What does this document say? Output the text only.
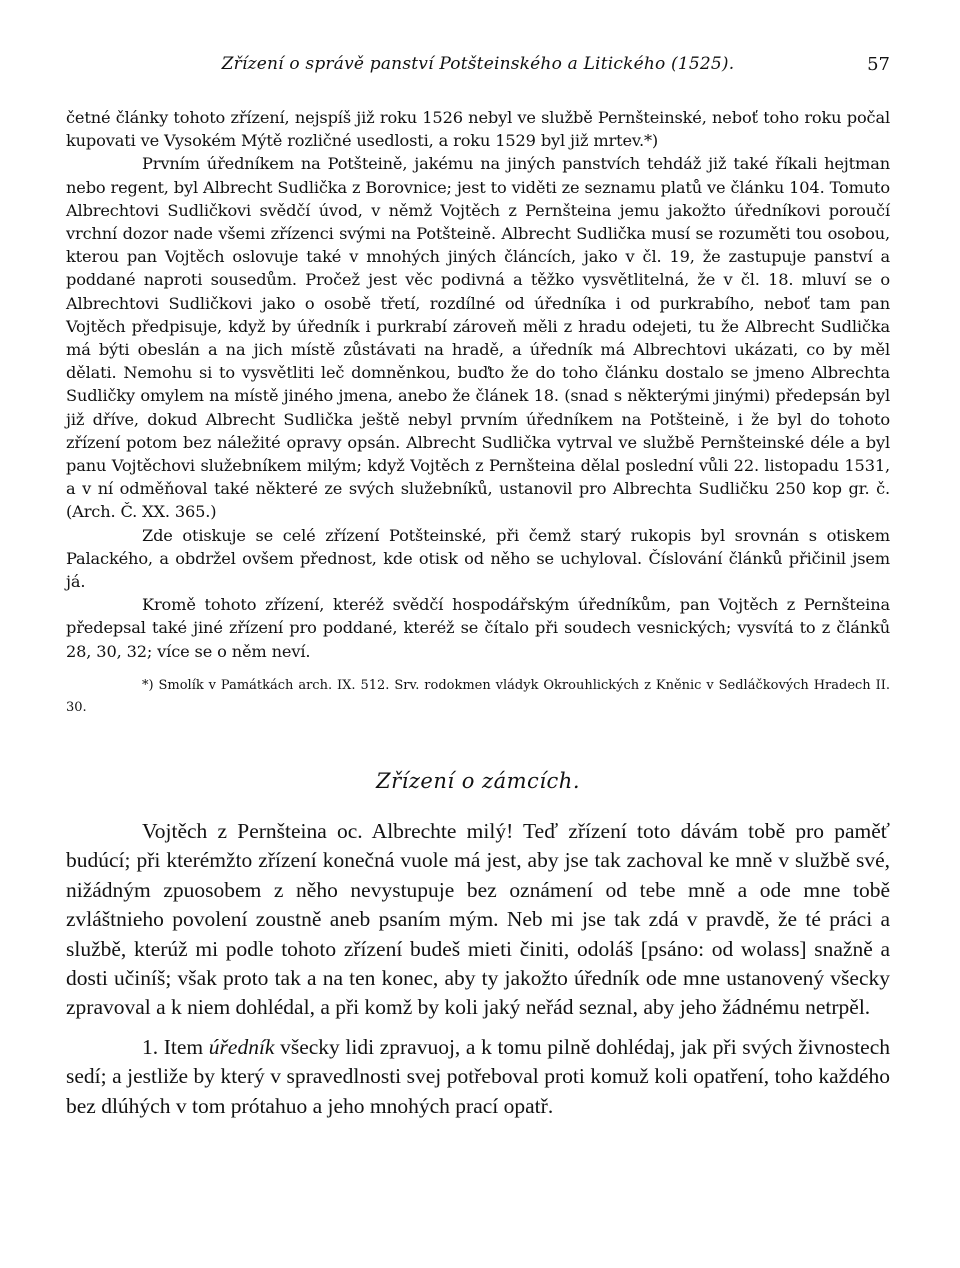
Zřízení o správě panství Potšteinského a Litického (1525).	57

četné články tohoto zřízení, nejspíš již roku 1526 nebyl ve službě Pernšteinské, neboť toho roku počal kupovati ve Vysokém Mýtě rozličné usedlosti, a roku 1529 byl již mrtev.*)

Prvním úředníkem na Potšteině, jakému na jiných panstvích tehdáž již také říkali hejtman nebo regent, byl Albrecht Sudlička z Borovnice; jest to viděti ze seznamu platů ve článku 104. Tomuto Albrechtovi Sudličkovi svědčí úvod, v němž Vojtěch z Pernšteina jemu jakožto úředníkovi poroučí vrchní dozor nade všemi zřízenci svými na Potšteině. Albrecht Sudlička musí se rozuměti tou osobou, kterou pan Vojtěch oslovuje také v mnohých jiných článcích, jako v čl. 19, že zastupuje panství a poddané naproti sousedům. Pročež jest věc podivná a těžko vysvětlitelná, že v čl. 18. mluví se o Albrechtovi Sudličkovi jako o osobě třetí, rozdílné od úředníka i od purkrabího, neboť tam pan Vojtěch předpisuje, když by úředník i purkrabí zároveň měli z hradu odejeti, tu že Albrecht Sudlička má býti obeslán a na jich místě zůstávati na hradě, a úředník má Albrechtovi ukázati, co by měl dělati. Nemohu si to vysvětliti leč domněnkou, buďto že do toho článku dostalo se jmeno Albrechta Sudličky omylem na místě jiného jmena, anebo že článek 18. (snad s některými jinými) předepsán byl již dříve, dokud Albrecht Sudlička ještě nebyl prvním úředníkem na Potšteině, i že byl do tohoto zřízení potom bez náležité opravy opsán. Albrecht Sudlička vytrval ve službě Pernšteinské déle a byl panu Vojtěchovi služebníkem milým; když Vojtěch z Pernšteina dělal poslední vůli 22. listopadu 1531, a v ní odměňoval také některé ze svých služebníků, ustanovil pro Albrechta Sudličku 250 kop gr. č. (Arch. Č. XX. 365.)

Zde otiskuje se celé zřízení Potšteinské, při čemž starý rukopis byl srovnán s otiskem Palackého, a obdržel ovšem přednost, kde otisk od něho se uchyloval. Číslování článků přičinil jsem já.

Kromě tohoto zřízení, kteréž svědčí hospodářským úředníkům, pan Vojtěch z Pernšteina předepsal také jiné zřízení pro poddané, kteréž se čítalo při soudech vesnických; vysvítá to z článků 28, 30, 32; více se o něm neví.

*) Smolík v Památkách arch. IX. 512. Srv. rodokmen vládyk Okrouhlických z Kněnic v Sedláčkových Hradech II. 30.

Zřízení o zámcích.

Vojtěch z Pernšteina oc. Albrechte milý! Teď zřízení toto dávám tobě pro paměť budúcí; při kterémžto zřízení konečná vuole má jest, aby jse tak zachoval ke mně v službě své, nižádným zpuosobem z něho nevystupuje bez oznámení od tebe mně a ode mne tobě zvláštnieho povolení zoustně aneb psaním mým. Neb mi jse tak zdá v pravdě, že té práci a službě, kterúž mi podle tohoto zřízení budeš mieti činiti, odoláš [psáno: od wolass] snažně a dosti učiníš; však proto tak a na ten konec, aby ty jakožto úředník ode mne ustanovený všecky zpravoval a k niem dohlédal, a při komž by koli jaký neřád seznal, aby jeho žádnému netrpěl.

1. Item úředník všecky lidi zpravuoj, a k tomu pilně dohlédaj, jak při svých živnostech sedí; a jestliže by který v spravedlnosti svej potřeboval proti komuž koli opatření, toho každého bez dlúhých v tom prótahuo a jeho mnohých prací opatř.
